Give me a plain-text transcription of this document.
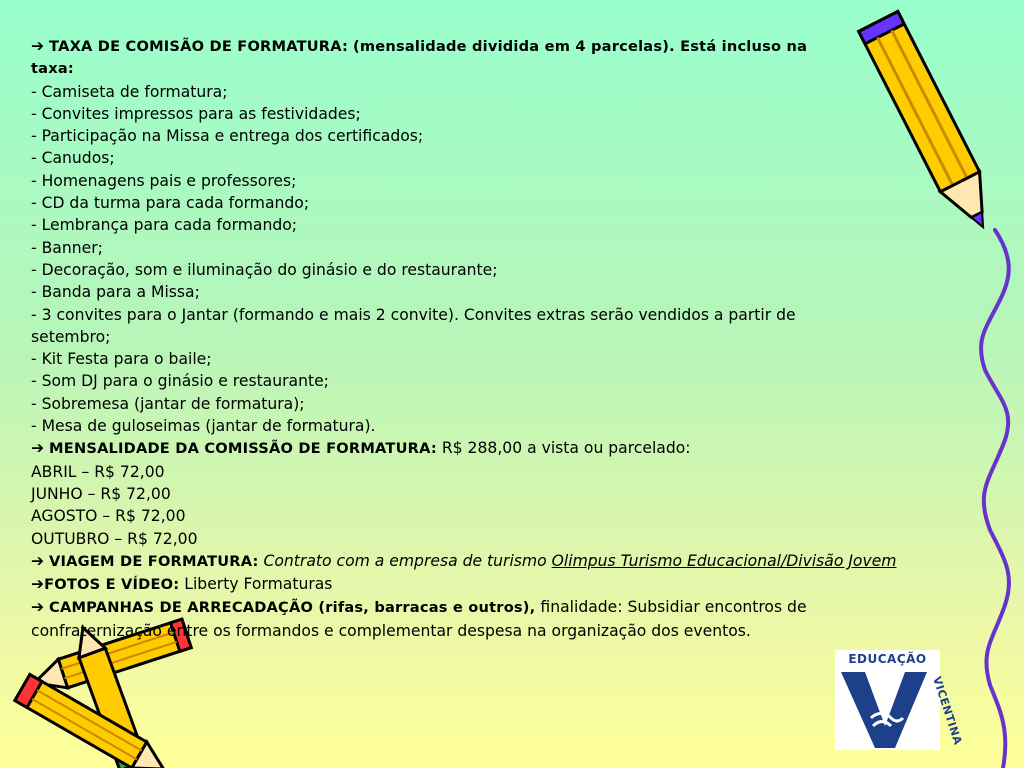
➔ TAXA DE COMISÃO DE FORMATURA: (mensalidade dividida em 4 parcelas). Está incluso na
taxa:
- Camiseta de formatura;
- Convites impressos para as festividades;
- Participação na Missa e entrega dos certificados;
- Canudos;
- Homenagens pais e professores;
- CD da turma para cada formando;
- Lembrança para cada formando;
- Banner;
- Decoração, som e iluminação do ginásio e do restaurante;
- Banda para a Missa;
- 3 convites para o Jantar (formando e mais 2 convite). Convites extras serão vendidos a partir de
setembro;
- Kit Festa para o baile;
- Som DJ para o ginásio e restaurante;
- Sobremesa (jantar de formatura);
- Mesa de guloseimas (jantar de formatura).
➔ MENSALIDADE DA COMISSÃO DE FORMATURA: R$ 288,00 a vista ou parcelado:
ABRIL – R$ 72,00
JUNHO – R$ 72,00
AGOSTO – R$ 72,00
OUTUBRO – R$ 72,00
➔ VIAGEM DE FORMATURA: Contrato com a empresa de turismo Olimpus Turismo Educacional/Divisão Jovem
➔FOTOS E VÍDEO: Liberty Formaturas
➔ CAMPANHAS DE ARRECADAÇÃO (rifas, barracas e outros), finalidade: Subsidiar encontros de
confraternização entre os formandos e complementar despesa na organização dos eventos.
EDUCAÇÃO
VICENTINA
